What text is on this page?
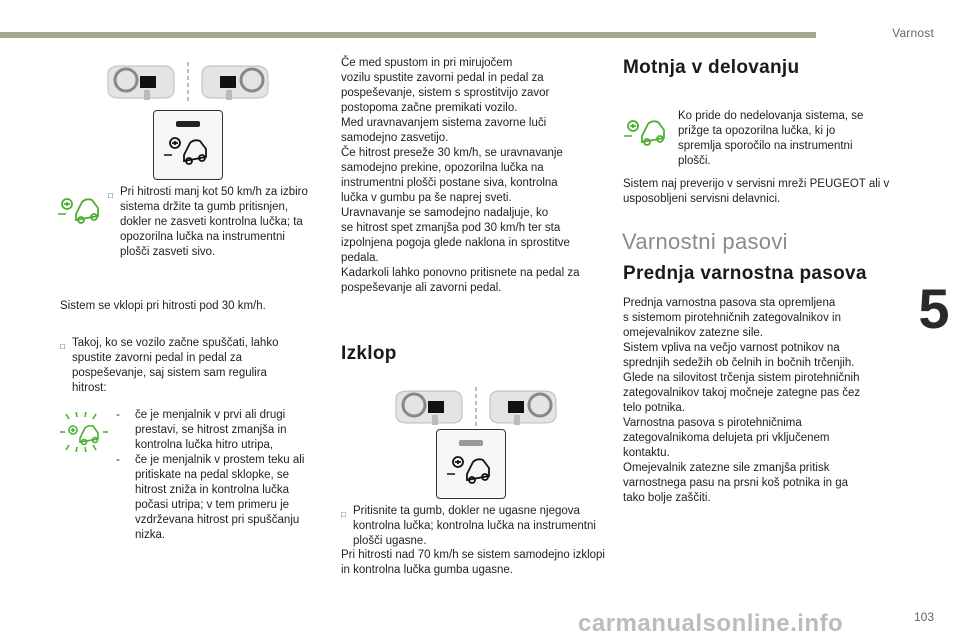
Varnost
5
103
carmanualsonline.info
□ Pri hitrosti manj kot 50 km/h za izbiro sistema držite ta gumb pritisnjen, dokler ne zasveti kontrolna lučka; ta opozorilna lučka na instrumentni plošči zasveti sivo.
Sistem se vklopi pri hitrosti pod 30 km/h.
□ Takoj, ko se vozilo začne spuščati, lahko spustite zavorni pedal in pedal za pospeševanje, saj sistem sam regulira hitrost:
-	če je menjalnik v prvi ali drugi prestavi, se hitrost zmanjša in kontrolna lučka hitro utripa,
-	če je menjalnik v prostem teku ali pritiskate na pedal sklopke, se hitrost zniža in kontrolna lučka počasi utripa; v tem primeru je vzdrževana hitrost pri spuščanju nizka.

Če med spustom in pri mirujočem

vozilu spustite zavorni pedal in pedal za

pospeševanje, sistem s sprostitvijo zavor

postopoma začne premikati vozilo.

Med uravnavanjem sistema zavorne luči

samodejno zasvetijo.

Če hitrost preseže 30 km/h, se uravnavanje

samodejno prekine, opozorilna lučka na

instrumentni plošči postane siva, kontrolna

lučka v gumbu pa še naprej sveti.

Uravnavanje se samodejno nadaljuje, ko

se hitrost spet zmanjša pod 30 km/h ter sta

izpolnjena pogoja glede naklona in sprostitve

pedala.

Kadarkoli lahko ponovno pritisnete na pedal za

pospeševanje ali zavorni pedal.

Izklop
□ Pritisnite ta gumb, dokler ne ugasne njegova kontrolna lučka; kontrolna lučka na instrumentni plošči ugasne.
Pri hitrosti nad 70 km/h se sistem samodejno izklopi in kontrolna lučka gumba ugasne.
Motnja v delovanju
Ko pride do nedelovanja sistema, se prižge ta opozorilna lučka, ki jo spremlja sporočilo na instrumentni plošči.
Sistem naj preverijo v servisni mreži PEUGEOT ali v usposobljeni servisni delavnici.
Varnostni pasovi
Prednja varnostna pasova

Prednja varnostna pasova sta opremljena

s sistemom pirotehničnih zategovalnikov in

omejevalnikov zatezne sile.

Sistem vpliva na večjo varnost potnikov na

sprednjih sedežih ob čelnih in bočnih trčenjih.

Glede na silovitost trčenja sistem pirotehničnih

zategovalnikov takoj močneje zategne pas čez

telo potnika.

Varnostna pasova s pirotehničnima

zategovalnikoma delujeta pri vključenem

kontaktu.

Omejevalnik zatezne sile zmanjša pritisk

varnostnega pasu na prsni koš potnika in ga

tako bolje zaščiti.
